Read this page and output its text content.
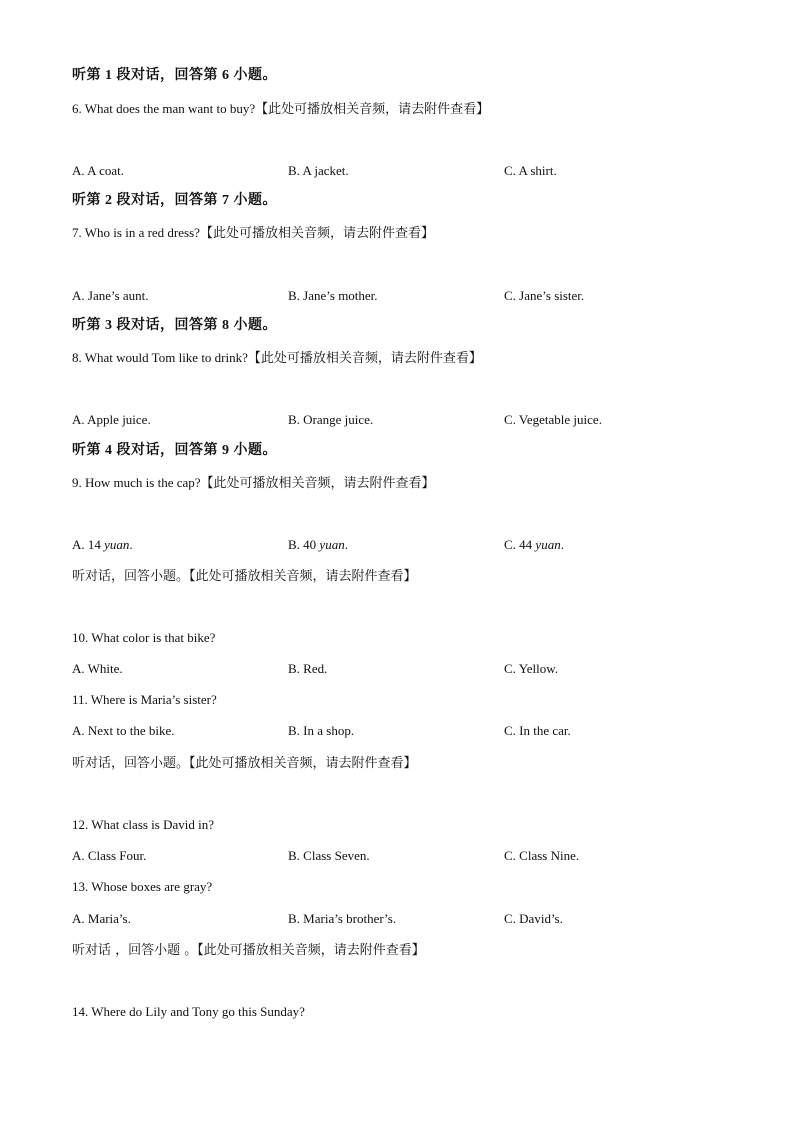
听第 1 段对话，回答第 6 小题。
6. What does the man want to buy?【此处可播放相关音频，请去附件查看】
A. A coat.	B. A jacket.	C. A shirt.
听第 2 段对话，回答第 7 小题。
7. Who is in a red dress?【此处可播放相关音频，请去附件查看】
A. Jane’s aunt.	B. Jane’s mother.	C. Jane’s sister.
听第 3 段对话，回答第 8 小题。
8. What would Tom like to drink?【此处可播放相关音频，请去附件查看】
A. Apple juice.	B. Orange juice.	C. Vegetable juice.
听第 4 段对话，回答第 9 小题。
9. How much is the cap?【此处可播放相关音频，请去附件查看】
A. 14 yuan.	B. 40 yuan.	C. 44 yuan.
听对话，回答小题。【此处可播放相关音频，请去附件查看】
10. What color is that bike?
A. White.	B. Red.	C. Yellow.
11. Where is Maria’s sister?
A. Next to the bike.	B. In a shop.	C. In the car.
听对话，回答小题。【此处可播放相关音频，请去附件查看】
12. What class is David in?
A. Class Four.	B. Class Seven.	C. Class Nine.
13. Whose boxes are gray?
A. Maria’s.	B. Maria’s brother’s.	C. David’s.
听对话 ，回答小题 。【此处可播放相关音频，请去附件查看】
14. Where do Lily and Tony go this Sunday?
